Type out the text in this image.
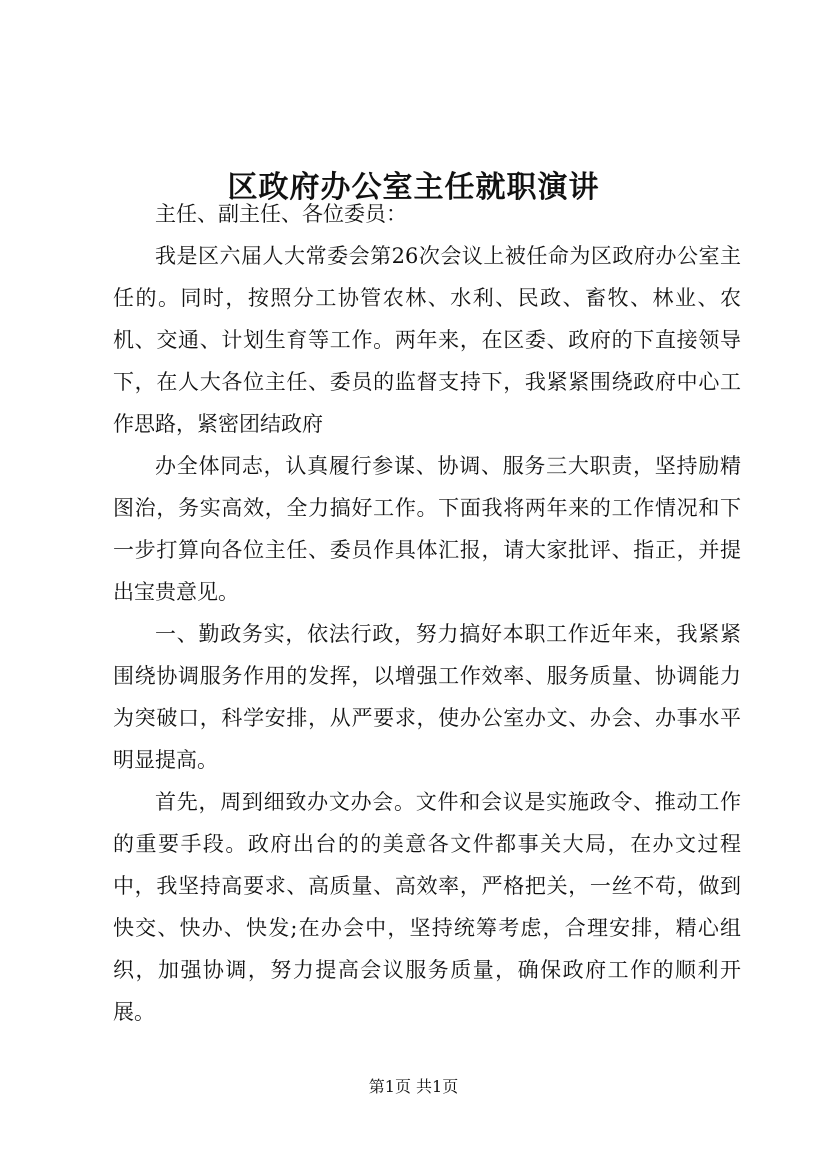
区政府办公室主任就职演讲

主任、副主任、各位委员：

我是区六届人大常委会第26次会议上被任命为区政府办公室主任的。同时，按照分工协管农林、水利、民政、畜牧、林业、农机、交通、计划生育等工作。两年来，在区委、政府的下直接领导下，在人大各位主任、委员的监督支持下，我紧紧围绕政府中心工作思路，紧密团结政府

办全体同志，认真履行参谋、协调、服务三大职责，坚持励精图治，务实高效，全力搞好工作。下面我将两年来的工作情况和下一步打算向各位主任、委员作具体汇报，请大家批评、指正，并提出宝贵意见。

一、勤政务实，依法行政，努力搞好本职工作近年来，我紧紧围绕协调服务作用的发挥，以增强工作效率、服务质量、协调能力为突破口，科学安排，从严要求，使办公室办文、办会、办事水平明显提高。

首先，周到细致办文办会。文件和会议是实施政令、推动工作的重要手段。政府出台的的美意各文件都事关大局，在办文过程中，我坚持高要求、高质量、高效率，严格把关，一丝不苟，做到快交、快办、快发;在办会中，坚持统筹考虑，合理安排，精心组织，加强协调，努力提高会议服务质量，确保政府工作的顺利开展。

第1页 共1页
